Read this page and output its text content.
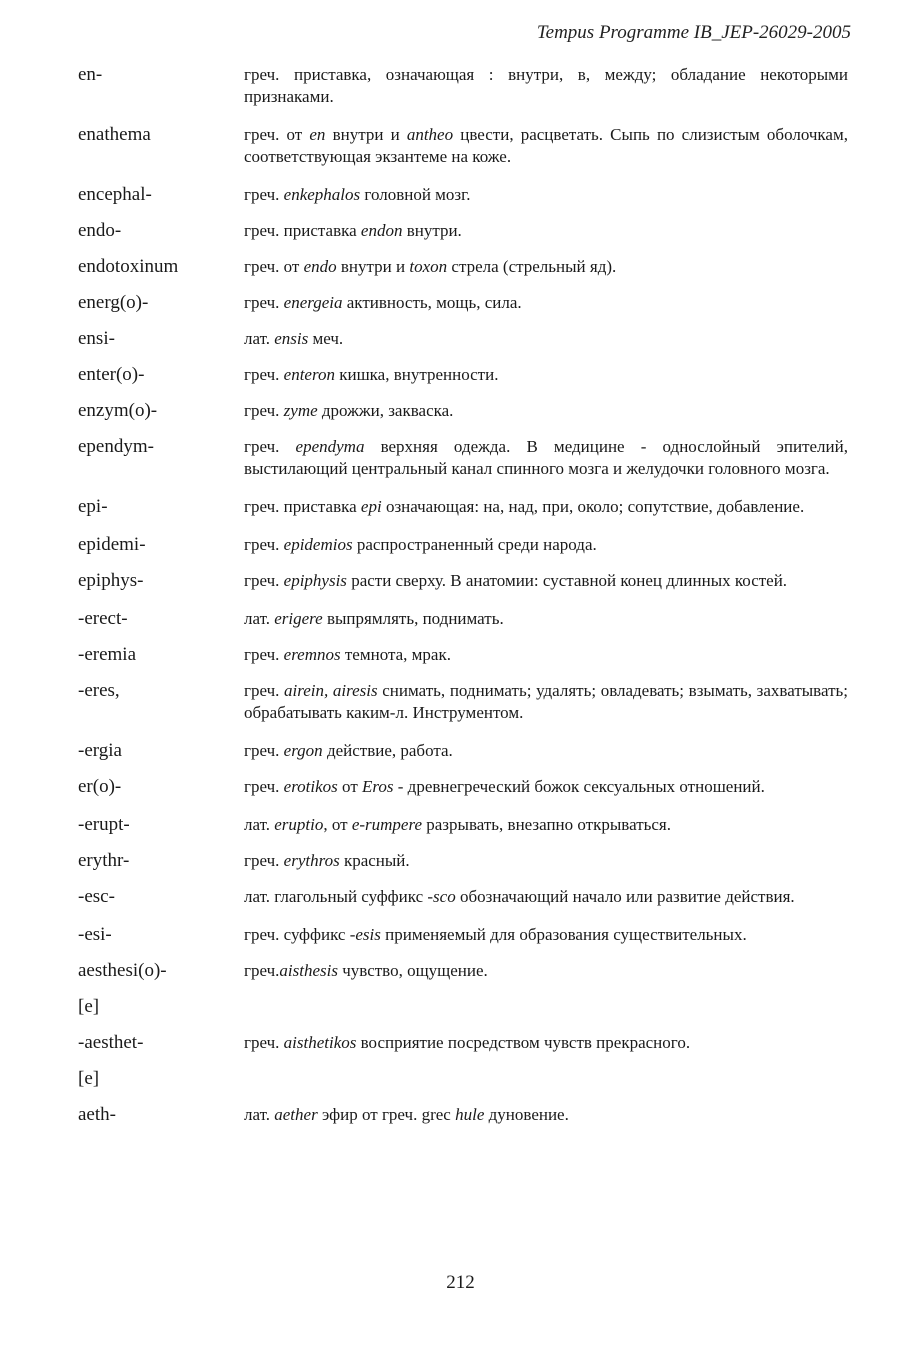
Tempus Programme IB_JEP-26029-2005
en-	греч. приставка, означающая : внутри, в, между; обладание некоторыми признаками.
enathema	греч. от en внутри и antheo цвести, расцветать. Сыпь по слизистым оболочкам, соответствующая экзантеме на коже.
encephal-	греч. enkephalos головной мозг.
endo-	греч. приставка endon внутри.
endotoxinum	греч. от endo внутри и toxon стрела (стрельный яд).
energ(o)-	греч. energeia активность, мощь, сила.
ensi-	лат. ensis меч.
enter(o)-	греч. enteron кишка, внутренности.
enzym(o)-	греч. zyme дрожжи, закваска.
ependym-	греч. ependyma верхняя одежда. В медицине - однослойный эпителий, выстилающий центральный канал спинного мозга и желудочки головного мозга.
epi-	греч. приставка epi означающая: на, над, при, около; сопутствие, добавление.
epidemi-	греч. epidemios распространенный среди народа.
epiphys-	греч. epiphysis расти сверху. В анатомии: суставной конец длинных костей.
-erect-	лат. erigere выпрямлять, поднимать.
-eremia	греч. eremnos темнота, мрак.
-eres,	греч. airein, airesis снимать, поднимать; удалять; овладевать; взымать, захватывать; обрабатывать каким-л. Инструментом.
-ergia	греч. ergon действие, работа.
er(o)-	греч. erotikos от Eros - древнегреческий божок сексуальных отношений.
-erupt-	лат. eruptio, от e-rumpere разрывать, внезапно открываться.
erythr-	греч. erythros красный.
-esc-	лат. глагольный суффикс -sco обозначающий начало или развитие действия.
-esi-	греч. суффикс -esis применяемый для образования существительных.
aesthesi(o)-	греч.aisthesis чувство, ощущение.
[e]
-aesthet-	греч. aisthetikos восприятие посредством чувств прекрасного.
[e]
aeth-	лат. aether эфир от греч. grec hule дуновение.
212
